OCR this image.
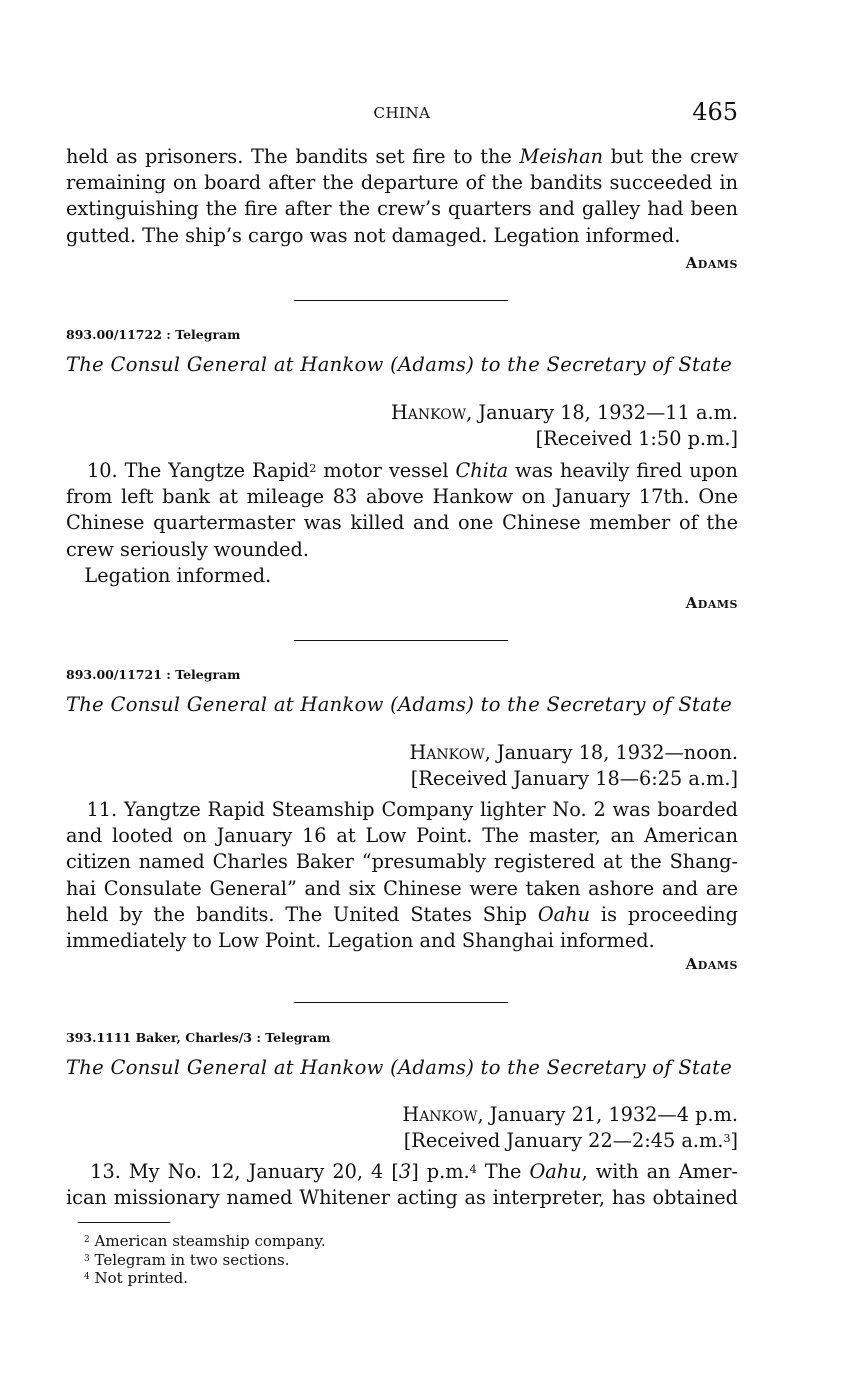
CHINA	465

held as prisoners. The bandits set fire to the Meishan but the crew
remaining on board after the departure of the bandits succeeded in
extinguishing the fire after the crew’s quarters and galley had been
gutted. The ship’s cargo was not damaged. Legation informed.

Adams
893.00/11722 : Telegram
The Consul General at Hankow (Adams) to the Secretary of State
Hankow, January 18, 1932—11 a.m.
[Received 1:50 p.m.]

10. The Yangtze Rapid$^2$ motor vessel Chita was heavily fired upon
from left bank at mileage 83 above Hankow on January 17th. One
Chinese quartermaster was killed and one Chinese member of the
crew seriously wounded.
Legation informed.

Adams
893.00/11721 : Telegram
The Consul General at Hankow (Adams) to the Secretary of State
Hankow, January 18, 1932—noon.
[Received January 18—6:25 a.m.]

11. Yangtze Rapid Steamship Company lighter No. 2 was boarded
and looted on January 16 at Low Point. The master, an American
citizen named Charles Baker “presumably registered at the Shang-
hai Consulate General” and six Chinese were taken ashore and are
held by the bandits. The United States Ship Oahu is proceeding
immediately to Low Point. Legation and Shanghai informed.

Adams
393.1111 Baker, Charles/3 : Telegram
The Consul General at Hankow (Adams) to the Secretary of State
Hankow, January 21, 1932—4 p.m.
[Received January 22—2:45 a.m.$^3$]

13. My No. 12, January 20, 4 [3] p.m.$^4$ The Oahu, with an Amer-
ican missionary named Whitener acting as interpreter, has obtained

$^2$ American steamship company.
$^3$ Telegram in two sections.
$^4$ Not printed.
